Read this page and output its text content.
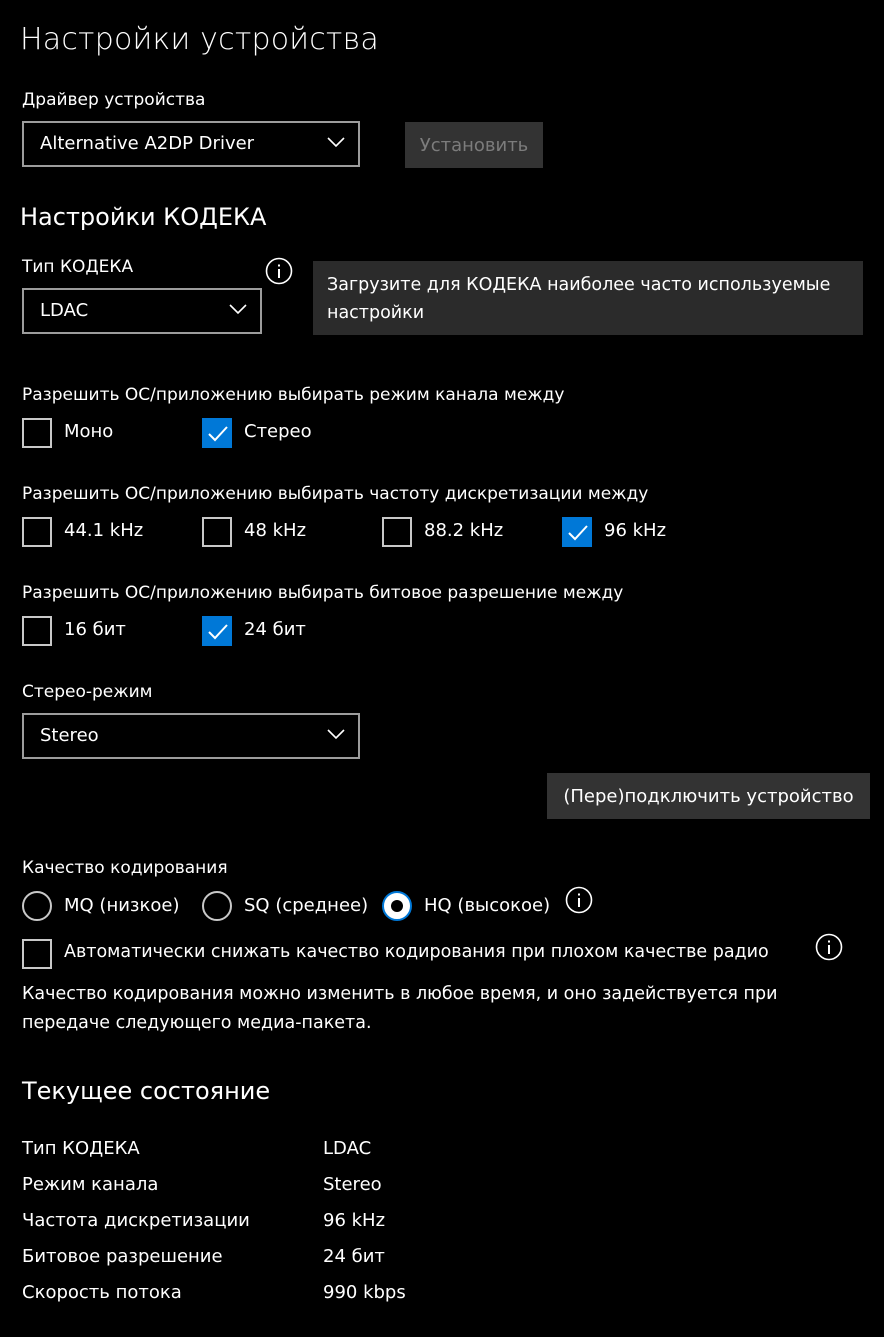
Настройки устройства
Драйвер устройства
Alternative A2DP Driver	Установить
Настройки КОДЕКА
Тип КОДЕКА
LDAC
Загрузите для КОДЕКА наиболее часто используемые настройки
Разрешить ОС/приложению выбирать режим канала между
Моно	Стерео
Разрешить ОС/приложению выбирать частоту дискретизации между
44.1 kHz	48 kHz	88.2 kHz	96 kHz
Разрешить ОС/приложению выбирать битовое разрешение между
16 бит	24 бит
Стерео-режим
Stereo
(Пере)подключить устройство
Качество кодирования
MQ (низкое)	SQ (среднее)	HQ (высокое)
Автоматически снижать качество кодирования при плохом качестве радио
Качество кодирования можно изменить в любое время, и оно задействуется при передаче следующего медиа-пакета.
Текущее состояние
Тип КОДЕКА	LDAC
Режим канала	Stereo
Частота дискретизации	96 kHz
Битовое разрешение	24 бит
Скорость потока	990 kbps
